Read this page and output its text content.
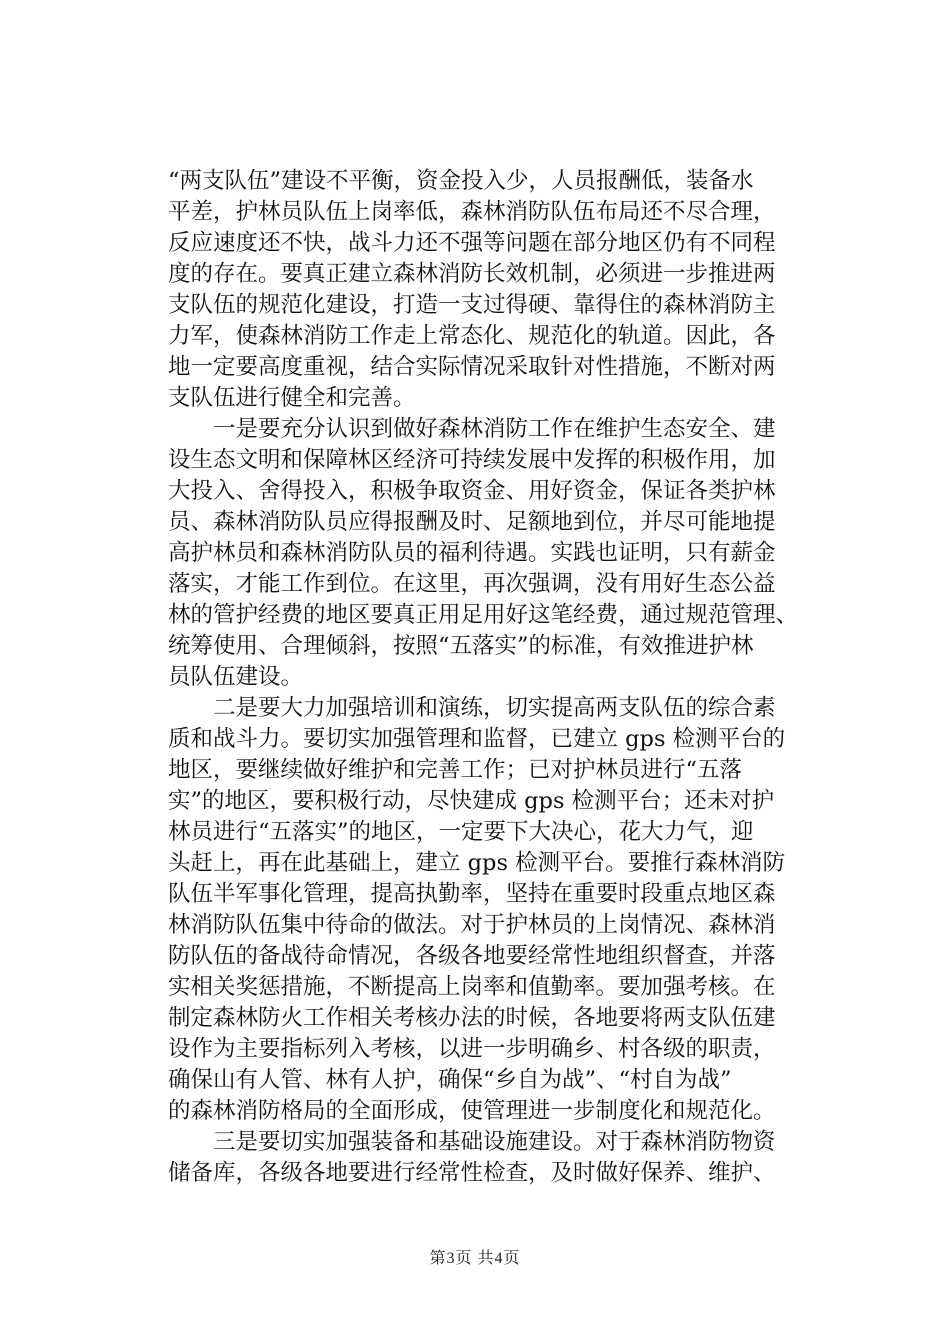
“两支队伍”建设不平衡，资金投入少，人员报酬低，装备水
平差，护林员队伍上岗率低，森林消防队伍布局还不尽合理，
反应速度还不快，战斗力还不强等问题在部分地区仍有不同程
度的存在。要真正建立森林消防长效机制，必须进一步推进两
支队伍的规范化建设，打造一支过得硬、靠得住的森林消防主
力军，使森林消防工作走上常态化、规范化的轨道。因此，各
地一定要高度重视，结合实际情况采取针对性措施，不断对两
支队伍进行健全和完善。
　　一是要充分认识到做好森林消防工作在维护生态安全、建
设生态文明和保障林区经济可持续发展中发挥的积极作用，加
大投入、舍得投入，积极争取资金、用好资金，保证各类护林
员、森林消防队员应得报酬及时、足额地到位，并尽可能地提
高护林员和森林消防队员的福利待遇。实践也证明，只有薪金
落实，才能工作到位。在这里，再次强调，没有用好生态公益
林的管护经费的地区要真正用足用好这笔经费，通过规范管理、
统筹使用、合理倾斜，按照“五落实”的标准，有效推进护林
员队伍建设。
　　二是要大力加强培训和演练，切实提高两支队伍的综合素
质和战斗力。要切实加强管理和监督，已建立 gps 检测平台的
地区，要继续做好维护和完善工作；已对护林员进行“五落
实”的地区，要积极行动，尽快建成 gps 检测平台；还未对护
林员进行“五落实”的地区，一定要下大决心，花大力气，迎
头赶上，再在此基础上，建立 gps 检测平台。要推行森林消防
队伍半军事化管理，提高执勤率，坚持在重要时段重点地区森
林消防队伍集中待命的做法。对于护林员的上岗情况、森林消
防队伍的备战待命情况，各级各地要经常性地组织督查，并落
实相关奖惩措施，不断提高上岗率和值勤率。要加强考核。在
制定森林防火工作相关考核办法的时候，各地要将两支队伍建
设作为主要指标列入考核，以进一步明确乡、村各级的职责，
确保山有人管、林有人护，确保“乡自为战”、“村自为战”
的森林消防格局的全面形成，使管理进一步制度化和规范化。
　　三是要切实加强装备和基础设施建设。对于森林消防物资
储备库，各级各地要进行经常性检查，及时做好保养、维护、
第3页 共4页
